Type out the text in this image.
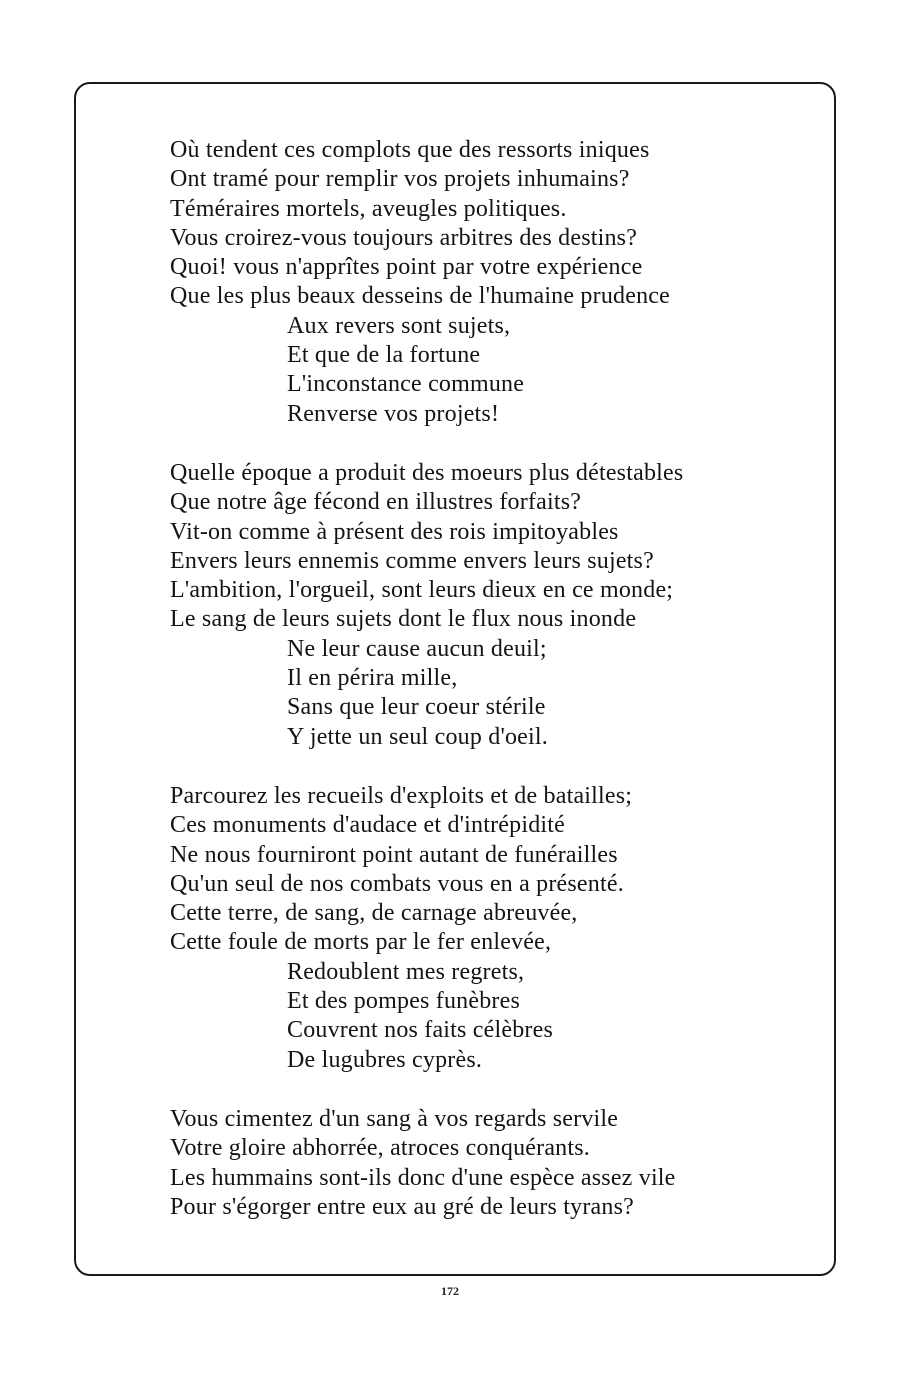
Où tendent ces complots que des ressorts iniques
Ont tramé pour remplir vos projets inhumains?
Téméraires mortels, aveugles politiques.
Vous croirez-vous toujours arbitres des destins?
Quoi! vous n'apprîtes point par votre expérience
Que les plus beaux desseins de l'humaine prudence
Aux revers sont sujets,
Et que de la fortune
L'inconstance commune
Renverse vos projets!
Quelle époque a produit des moeurs plus détestables
Que notre âge fécond en illustres forfaits?
Vit-on comme à présent des rois impitoyables
Envers leurs ennemis comme envers leurs sujets?
L'ambition, l'orgueil, sont leurs dieux en ce monde;
Le sang de leurs sujets dont le flux nous inonde
Ne leur cause aucun deuil;
Il en périra mille,
Sans que leur coeur stérile
Y jette un seul coup d'oeil.
Parcourez les recueils d'exploits et de batailles;
Ces monuments d'audace et d'intrépidité
Ne nous fourniront point autant de funérailles
Qu'un seul de nos combats vous en a présenté.
Cette terre, de sang, de carnage abreuvée,
Cette foule de morts par le fer enlevée,
Redoublent mes regrets,
Et des pompes funèbres
Couvrent nos faits célèbres
De lugubres cyprès.
Vous cimentez d'un sang à vos regards servile
Votre gloire abhorrée, atroces conquérants.
Les hummains sont-ils donc d'une espèce assez vile
Pour s'égorger entre eux au gré de leurs tyrans?
172
